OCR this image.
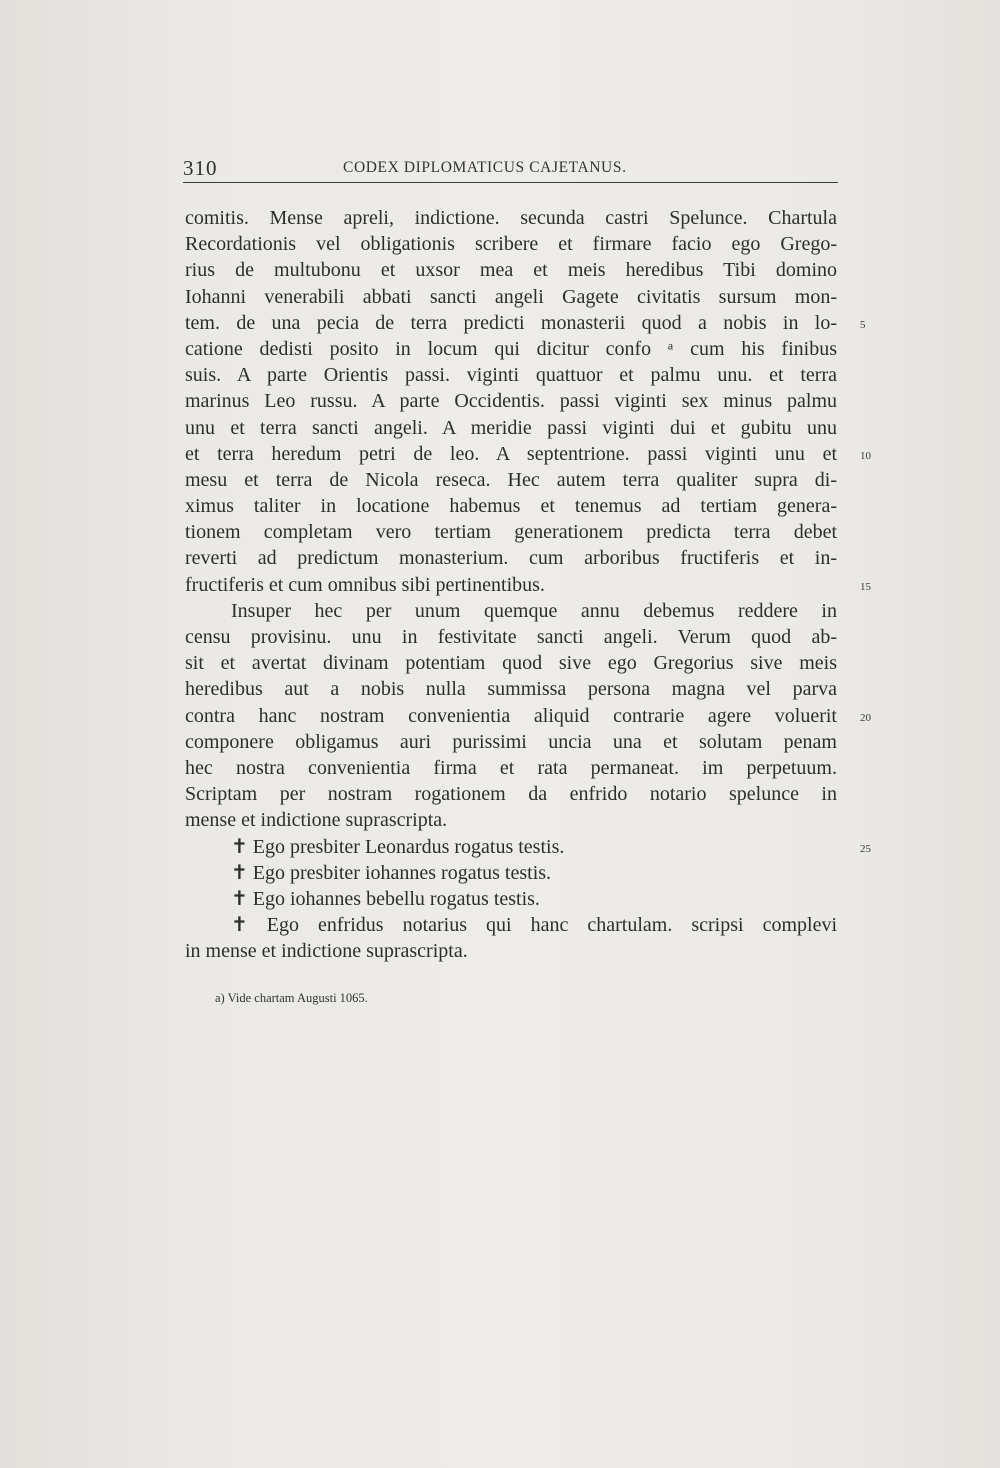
310	CODEX DIPLOMATICUS CAJETANUS.
comitis. Mense apreli, indictione. secunda castri Spelunce. Chartula
Recordationis vel obligationis scribere et firmare facio ego Grego-
rius de multubonu et uxsor mea et meis heredibus Tibi domino
Iohanni venerabili abbati sancti angeli Gagete civitatis sursum mon-
tem. de una pecia de terra predicti monasterii quod a nobis in lo- 5
catione dedisti posito in locum qui dicitur confo ᵃ cum his finibus
suis. A parte Orientis passi. viginti quattuor et palmu unu. et terra
marinus Leo russu. A parte Occidentis. passi viginti sex minus palmu
unu et terra sancti angeli. A meridie passi viginti dui et gubitu unu
et terra heredum petri de leo. A septentrione. passi viginti unu et 10
mesu et terra de Nicola reseca. Hec autem terra qualiter supra di-
ximus taliter in locatione habemus et tenemus ad tertiam genera-
tionem completam vero tertiam generationem predicta terra debet
reverti ad predictum monasterium. cum arboribus fructiferis et in-
fructiferis et cum omnibus sibi pertinentibus.	15
Insuper hec per unum quemque annu debemus reddere in
censu provisinu. unu in festivitate sancti angeli. Verum quod ab-
sit et avertat divinam potentiam quod sive ego Gregorius sive meis
heredibus aut a nobis nulla summissa persona magna vel parva
contra hanc nostram convenientia aliquid contrarie agere voluerit 20
componere obligamus auri purissimi uncia una et solutam penam
hec nostra convenientia firma et rata permaneat. im perpetuum.
Scriptam per nostram rogationem da enfrido notario spelunce in
mense et indictione suprascripta.
✝ Ego presbiter Leonardus rogatus testis.	25
✝ Ego presbiter iohannes rogatus testis.
✝ Ego iohannes bebellu rogatus testis.
✝ Ego enfridus notarius qui hanc chartulam. scripsi complevi
in mense et indictione suprascripta.
a) Vide chartam Augusti 1065.
